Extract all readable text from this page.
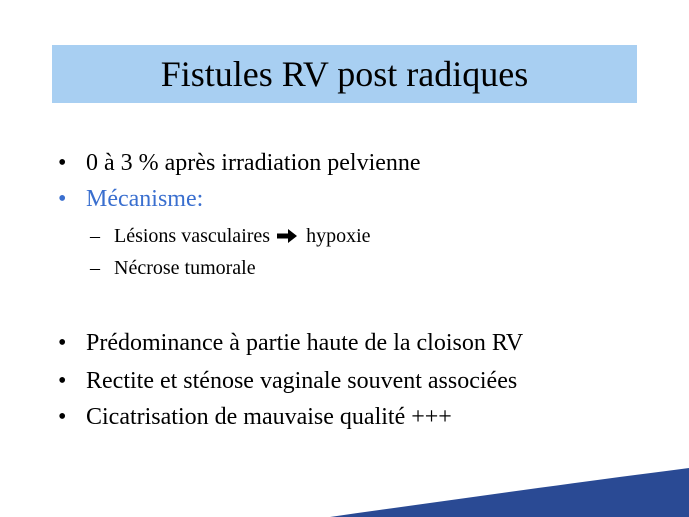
Fistules RV post radiques
• 0 à 3 % après irradiation pelvienne
• Mécanisme:
– Lésions vasculaires hypoxie
– Nécrose tumorale
• Prédominance à partie haute de la cloison RV
• Rectite et sténose vaginale souvent associées
• Cicatrisation de mauvaise qualité +++
